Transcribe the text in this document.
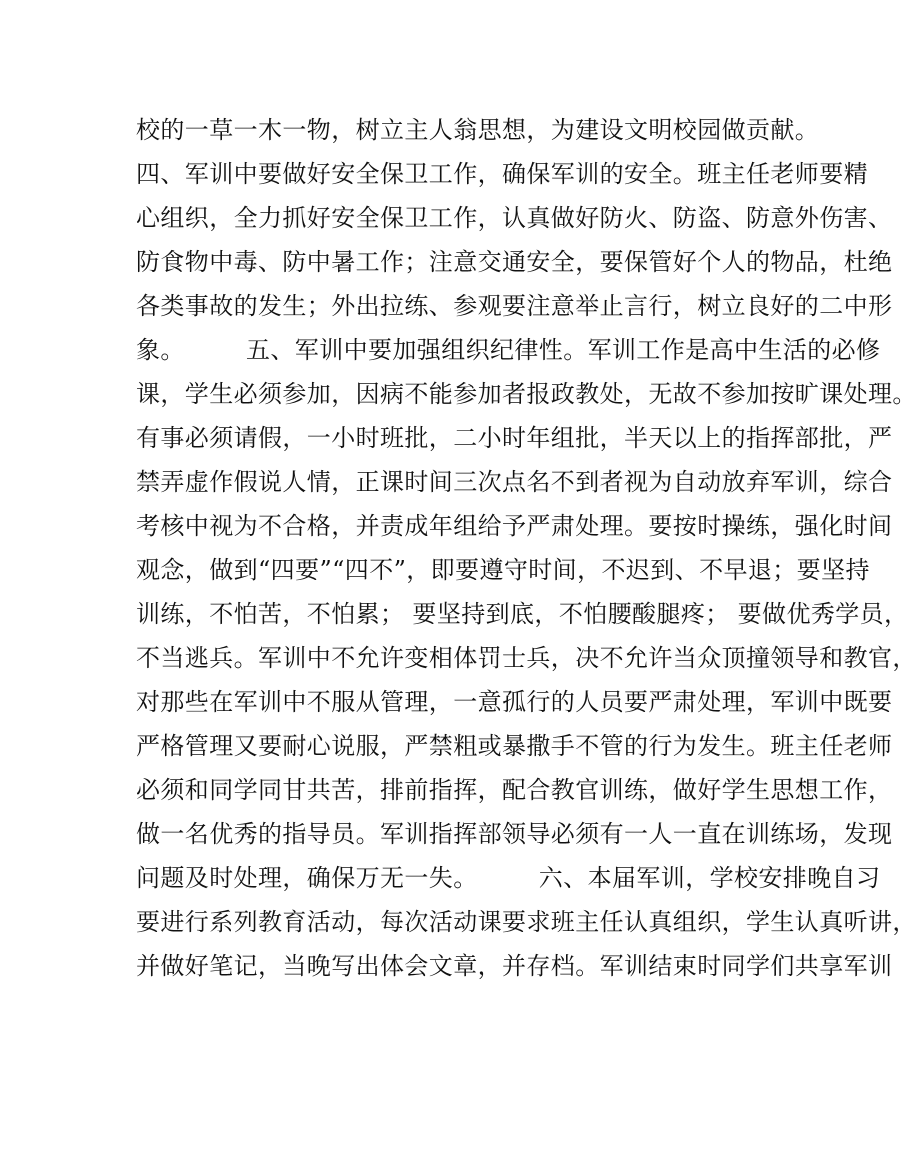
校的一草一木一物，树立主人翁思想，为建设文明校园做贡献。
四、军训中要做好安全保卫工作，确保军训的安全。班主任老师要精
心组织，全力抓好安全保卫工作，认真做好防火、防盗、防意外伤害、
防食物中毒、防中暑工作；注意交通安全，要保管好个人的物品，杜绝
各类事故的发生；外出拉练、参观要注意举止言行，树立良好的二中形
象。　　　五、军训中要加强组织纪律性。军训工作是高中生活的必修
课，学生必须参加，因病不能参加者报政教处，无故不参加按旷课处理。
有事必须请假，一小时班批，二小时年组批，半天以上的指挥部批，严
禁弄虚作假说人情，正课时间三次点名不到者视为自动放弃军训，综合
考核中视为不合格，并责成年组给予严肃处理。要按时操练，强化时间
观念，做到“四要”“四不”，即要遵守时间，不迟到、不早退；要坚持
训练，不怕苦，不怕累； 要坚持到底，不怕腰酸腿疼； 要做优秀学员，
不当逃兵。军训中不允许变相体罚士兵，决不允许当众顶撞领导和教官，
对那些在军训中不服从管理，一意孤行的人员要严肃处理，军训中既要
严格管理又要耐心说服，严禁粗或暴撒手不管的行为发生。班主任老师
必须和同学同甘共苦，排前指挥，配合教官训练，做好学生思想工作，
做一名优秀的指导员。军训指挥部领导必须有一人一直在训练场，发现
问题及时处理，确保万无一失。　　　六、本届军训，学校安排晚自习
要进行系列教育活动，每次活动课要求班主任认真组织，学生认真听讲，
并做好笔记，当晚写出体会文章，并存档。军训结束时同学们共享军训
